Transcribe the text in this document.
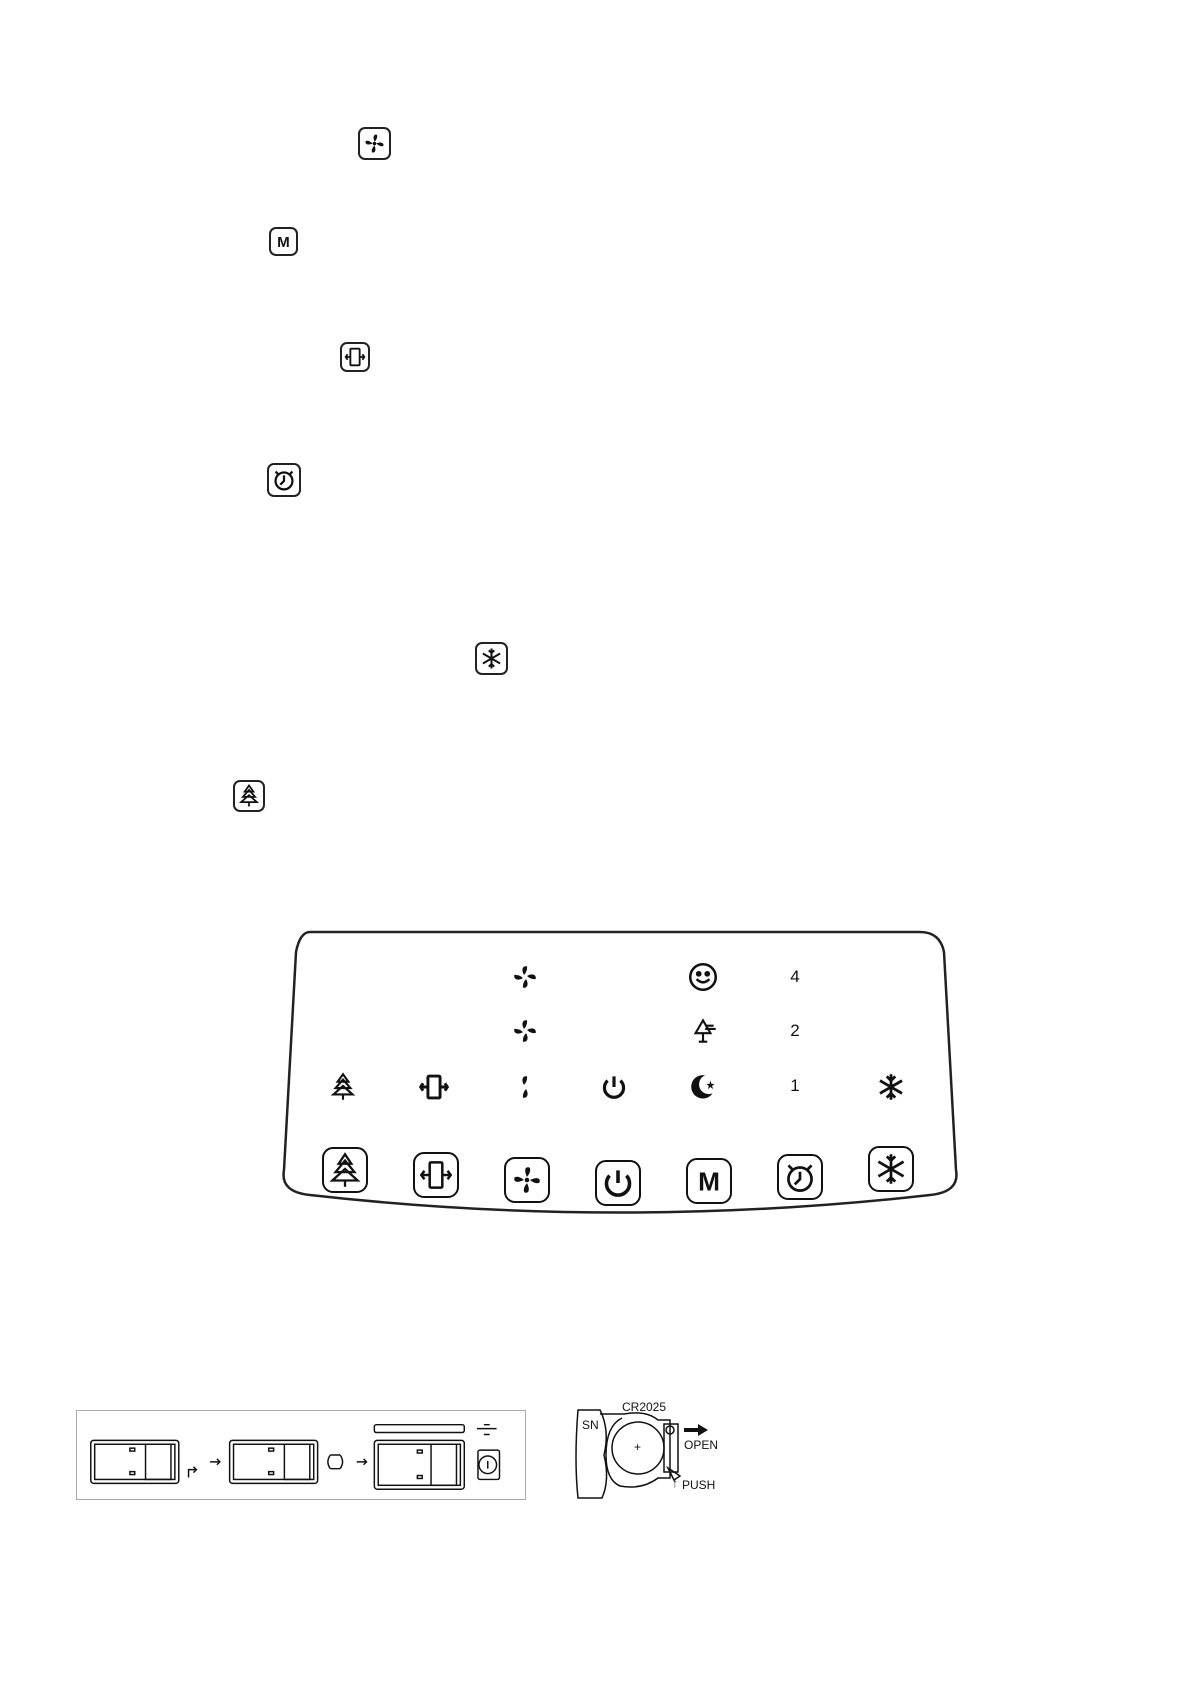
M
4
2
1
M
SN
CR2025
+	OPEN
↑ PUSH
